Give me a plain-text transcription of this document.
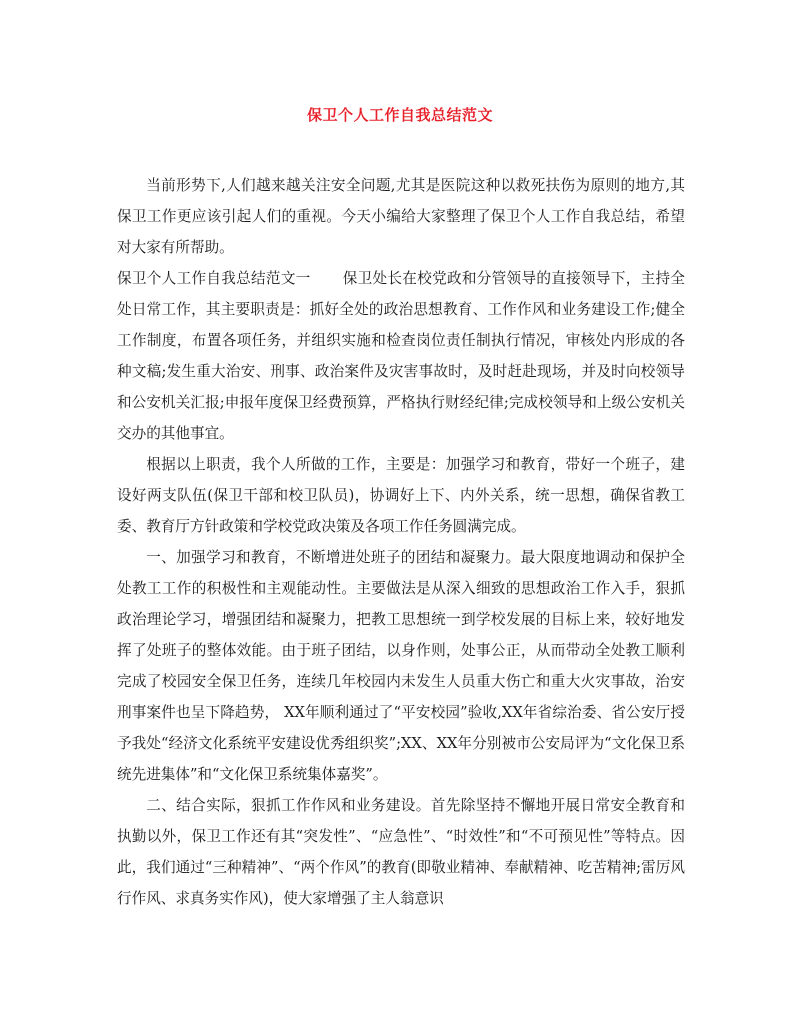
保卫个人工作自我总结范文

当前形势下,人们越来越关注安全问题,尤其是医院这种以救死扶伤为原则的地方,其保卫工作更应该引起人们的重视。今天小编给大家整理了保卫个人工作自我总结，希望对大家有所帮助。

保卫个人工作自我总结范文一 保卫处长在校党政和分管领导的直接领导下，主持全处日常工作，其主要职责是：抓好全处的政治思想教育、工作作风和业务建设工作;健全工作制度，布置各项任务，并组织实施和检查岗位责任制执行情况，审核处内形成的各种文稿;发生重大治安、刑事、政治案件及灾害事故时，及时赶赴现场，并及时向校领导和公安机关汇报;申报年度保卫经费预算，严格执行财经纪律;完成校领导和上级公安机关交办的其他事宜。

根据以上职责，我个人所做的工作，主要是：加强学习和教育，带好一个班子，建设好两支队伍(保卫干部和校卫队员)，协调好上下、内外关系，统一思想，确保省教工委、教育厅方针政策和学校党政决策及各项工作任务圆满完成。

一、加强学习和教育，不断增进处班子的团结和凝聚力。最大限度地调动和保护全处教工工作的积极性和主观能动性。主要做法是从深入细致的思想政治工作入手，狠抓政治理论学习，增强团结和凝聚力，把教工思想统一到学校发展的目标上来，较好地发挥了处班子的整体效能。由于班子团结，以身作则，处事公正，从而带动全处教工顺利完成了校园安全保卫任务，连续几年校园内未发生人员重大伤亡和重大火灾事故，治安刑事案件也呈下降趋势， XX年顺利通过了“平安校园”验收,XX年省综治委、省公安厅授予我处“经济文化系统平安建设优秀组织奖”;XX、XX年分别被市公安局评为“文化保卫系统先进集体”和“文化保卫系统集体嘉奖”。

二、结合实际，狠抓工作作风和业务建设。首先除坚持不懈地开展日常安全教育和执勤以外，保卫工作还有其“突发性”、“应急性”、“时效性”和“不可预见性”等特点。因此，我们通过“三种精神”、“两个作风”的教育(即敬业精神、奉献精神、吃苦精神;雷厉风行作风、求真务实作风)，使大家增强了主人翁意识
